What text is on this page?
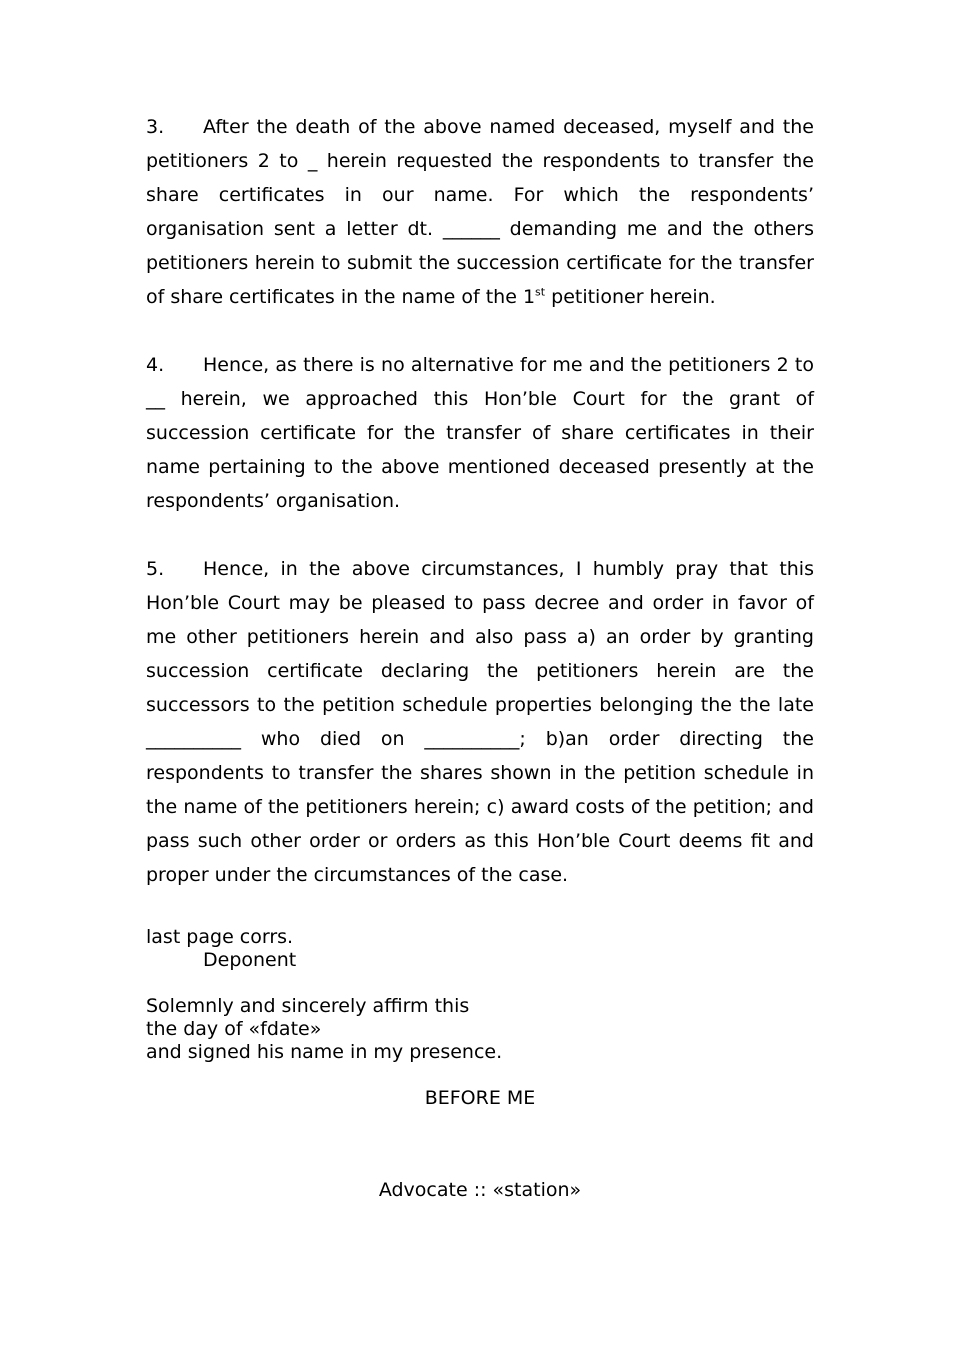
3. After the death of the above named deceased, myself and the petitioners 2 to _ herein requested the respondents to transfer the share certificates in our name. For which the respondents’ organisation sent a letter dt. ______ demanding me and the others petitioners herein to submit the succession certificate for the transfer of share certificates in the name of the 1st petitioner herein.

4. Hence, as there is no alternative for me and the petitioners 2 to __ herein, we approached this Hon’ble Court for the grant of succession certificate for the transfer of share certificates in their name pertaining to the above mentioned deceased presently at the respondents’ organisation.

5. Hence, in the above circumstances, I humbly pray that this Hon’ble Court may be pleased to pass decree and order in favor of me other petitioners herein and also pass a) an order by granting succession certificate declaring the petitioners herein are the successors to the petition schedule properties belonging the the late __________ who died on __________; b)an order directing the respondents to transfer the shares shown in the petition schedule in the name of the petitioners herein; c) award costs of the petition; and pass such other order or orders as this Hon’ble Court deems fit and proper under the circumstances of the case.

last page corrs.
Deponent
Solemnly and sincerely affirm this
the day of «fdate»
and signed his name in my presence.
BEFORE ME
Advocate :: «station»
